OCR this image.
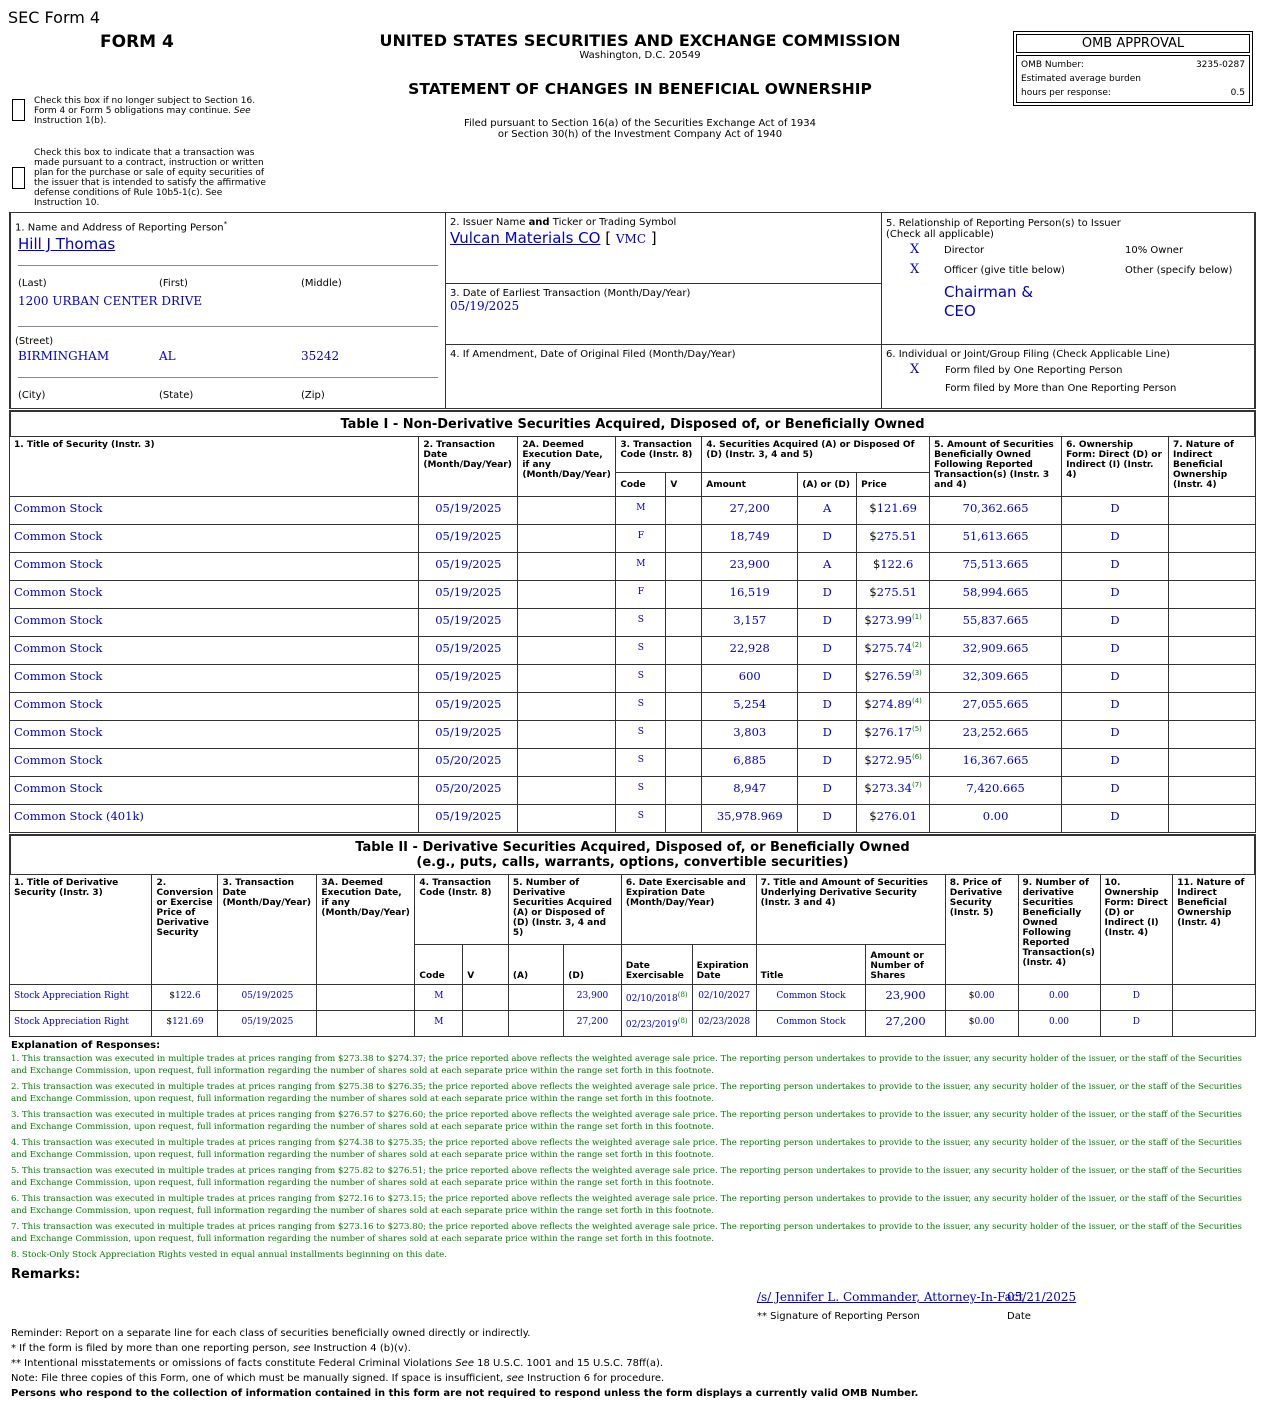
SEC Form 4
FORM 4
Check this box if no longer subject to Section 16. Form 4 or Form 5 obligations may continue. See Instruction 1(b).
Check this box to indicate that a transaction was made pursuant to a contract, instruction or written plan for the purchase or sale of equity securities of the issuer that is intended to satisfy the affirmative defense conditions of Rule 10b5-1(c). See Instruction 10.
UNITED STATES SECURITIES AND EXCHANGE COMMISSION
Washington, D.C. 20549
STATEMENT OF CHANGES IN BENEFICIAL OWNERSHIP
Filed pursuant to Section 16(a) of the Securities Exchange Act of 1934
or Section 30(h) of the Investment Company Act of 1940
OMB APPROVAL
OMB Number:	3235-0287
Estimated average burden
hours per response:	0.5
1. Name and Address of Reporting Person*
Hill J Thomas
(Last)	(First)	(Middle)
1200 URBAN CENTER DRIVE
(Street)
BIRMINGHAM	AL	35242
(City)	(State)	(Zip)
2. Issuer Name and Ticker or Trading Symbol
Vulcan Materials CO [ VMC ]
3. Date of Earliest Transaction (Month/Day/Year)
05/19/2025
4. If Amendment, Date of Original Filed (Month/Day/Year)
5. Relationship of Reporting Person(s) to Issuer
(Check all applicable)
X Director	10% Owner
X Officer (give title below)	Other (specify below)
Chairman &
CEO
6. Individual or Joint/Group Filing (Check Applicable Line)
X	Form filed by One Reporting Person
Form filed by More than One Reporting Person
Table I - Non-Derivative Securities Acquired, Disposed of, or Beneficially Owned
1. Title of Security (Instr. 3)	2. Transaction Date (Month/Day/Year)	2A. Deemed Execution Date, if any (Month/Day/Year)	3. Transaction Code (Instr. 8)		4. Securities Acquired (A) or Disposed Of (D) (Instr. 3, 4 and 5)			5. Amount of Securities Beneficially Owned Following Reported Transaction(s) (Instr. 3 and 4)	6. Ownership Form: Direct (D) or Indirect (I) (Instr. 4)	7. Nature of Indirect Beneficial Ownership (Instr. 4)
			Code	V	Amount	(A) or (D)	Price			
Common Stock	05/19/2025		M		27,200	A	$121.69	70,362.665	D	
Common Stock	05/19/2025		F		18,749	D	$275.51	51,613.665	D	
Common Stock	05/19/2025		M		23,900	A	$122.6	75,513.665	D	
Common Stock	05/19/2025		F		16,519	D	$275.51	58,994.665	D	
Common Stock	05/19/2025		S		3,157	D	$273.99$^{(1)}$	55,837.665	D	
Common Stock	05/19/2025		S		22,928	D	$275.74$^{(2)}$	32,909.665	D	
Common Stock	05/19/2025		S		600	D	$276.59$^{(3)}$	32,309.665	D	
Common Stock	05/19/2025		S		5,254	D	$274.89$^{(4)}$	27,055.665	D	
Common Stock	05/19/2025		S		3,803	D	$276.17$^{(5)}$	23,252.665	D	
Common Stock	05/20/2025		S		6,885	D	$272.95$^{(6)}$	16,367.665	D	
Common Stock	05/20/2025		S		8,947	D	$273.34$^{(7)}$	7,420.665	D	
Common Stock (401k)	05/19/2025		S		35,978.969	D	$276.01	0.00	D	
Table II - Derivative Securities Acquired, Disposed of, or Beneficially Owned
(e.g., puts, calls, warrants, options, convertible securities)
1. Title of Derivative Security (Instr. 3)	2. Conversion or Exercise Price of Derivative Security	3. Transaction Date (Month/Day/Year)	3A. Deemed Execution Date, if any (Month/Day/Year)	4. Transaction Code (Instr. 8)		5. Number of Derivative Securities Acquired (A) or Disposed of (D) (Instr. 3, 4 and 5)		6. Date Exercisable and Expiration Date (Month/Day/Year)		7. Title and Amount of Securities Underlying Derivative Security (Instr. 3 and 4)		8. Price of Derivative Security (Instr. 5)	9. Number of derivative Securities Beneficially Owned Following Reported Transaction(s) (Instr. 4)	10. Ownership Form: Direct (D) or Indirect (I) (Instr. 4)	11. Nature of Indirect Beneficial Ownership (Instr. 4)
				Code	V	(A)	(D)	Date Exercisable	Expiration Date	Title	Amount or Number of Shares				
Stock Appreciation Right	$122.6	05/19/2025		M			23,900	02/10/2018$^{(8)}$	02/10/2027	Common Stock	23,900	$0.00	0.00	D	
Stock Appreciation Right	$121.69	05/19/2025		M			27,200	02/23/2019$^{(8)}$	02/23/2028	Common Stock	27,200	$0.00	0.00	D	
Explanation of Responses:
1. This transaction was executed in multiple trades at prices ranging from $273.38 to $274.37; the price reported above reflects the weighted average sale price. The reporting person undertakes to provide to the issuer, any security holder of the issuer, or the staff of the Securities and Exchange Commission, upon request, full information regarding the number of shares sold at each separate price within the range set forth in this footnote.
2. This transaction was executed in multiple trades at prices ranging from $275.38 to $276.35; the price reported above reflects the weighted average sale price. The reporting person undertakes to provide to the issuer, any security holder of the issuer, or the staff of the Securities and Exchange Commission, upon request, full information regarding the number of shares sold at each separate price within the range set forth in this footnote.
3. This transaction was executed in multiple trades at prices ranging from $276.57 to $276.60; the price reported above reflects the weighted average sale price. The reporting person undertakes to provide to the issuer, any security holder of the issuer, or the staff of the Securities and Exchange Commission, upon request, full information regarding the number of shares sold at each separate price within the range set forth in this footnote.
4. This transaction was executed in multiple trades at prices ranging from $274.38 to $275.35; the price reported above reflects the weighted average sale price. The reporting person undertakes to provide to the issuer, any security holder of the issuer, or the staff of the Securities and Exchange Commission, upon request, full information regarding the number of shares sold at each separate price within the range set forth in this footnote.
5. This transaction was executed in multiple trades at prices ranging from $275.82 to $276.51; the price reported above reflects the weighted average sale price. The reporting person undertakes to provide to the issuer, any security holder of the issuer, or the staff of the Securities and Exchange Commission, upon request, full information regarding the number of shares sold at each separate price within the range set forth in this footnote.
6. This transaction was executed in multiple trades at prices ranging from $272.16 to $273.15; the price reported above reflects the weighted average sale price. The reporting person undertakes to provide to the issuer, any security holder of the issuer, or the staff of the Securities and Exchange Commission, upon request, full information regarding the number of shares sold at each separate price within the range set forth in this footnote.
7. This transaction was executed in multiple trades at prices ranging from $273.16 to $273.80; the price reported above reflects the weighted average sale price. The reporting person undertakes to provide to the issuer, any security holder of the issuer, or the staff of the Securities and Exchange Commission, upon request, full information regarding the number of shares sold at each separate price within the range set forth in this footnote.
8. Stock-Only Stock Appreciation Rights vested in equal annual installments beginning on this date.
Remarks:
/s/ Jennifer L. Commander, Attorney-In-Fact
05/21/2025
** Signature of Reporting Person	Date
Reminder: Report on a separate line for each class of securities beneficially owned directly or indirectly.
* If the form is filed by more than one reporting person, see Instruction 4 (b)(v).
** Intentional misstatements or omissions of facts constitute Federal Criminal Violations See 18 U.S.C. 1001 and 15 U.S.C. 78ff(a).
Note: File three copies of this Form, one of which must be manually signed. If space is insufficient, see Instruction 6 for procedure.
Persons who respond to the collection of information contained in this form are not required to respond unless the form displays a currently valid OMB Number.
